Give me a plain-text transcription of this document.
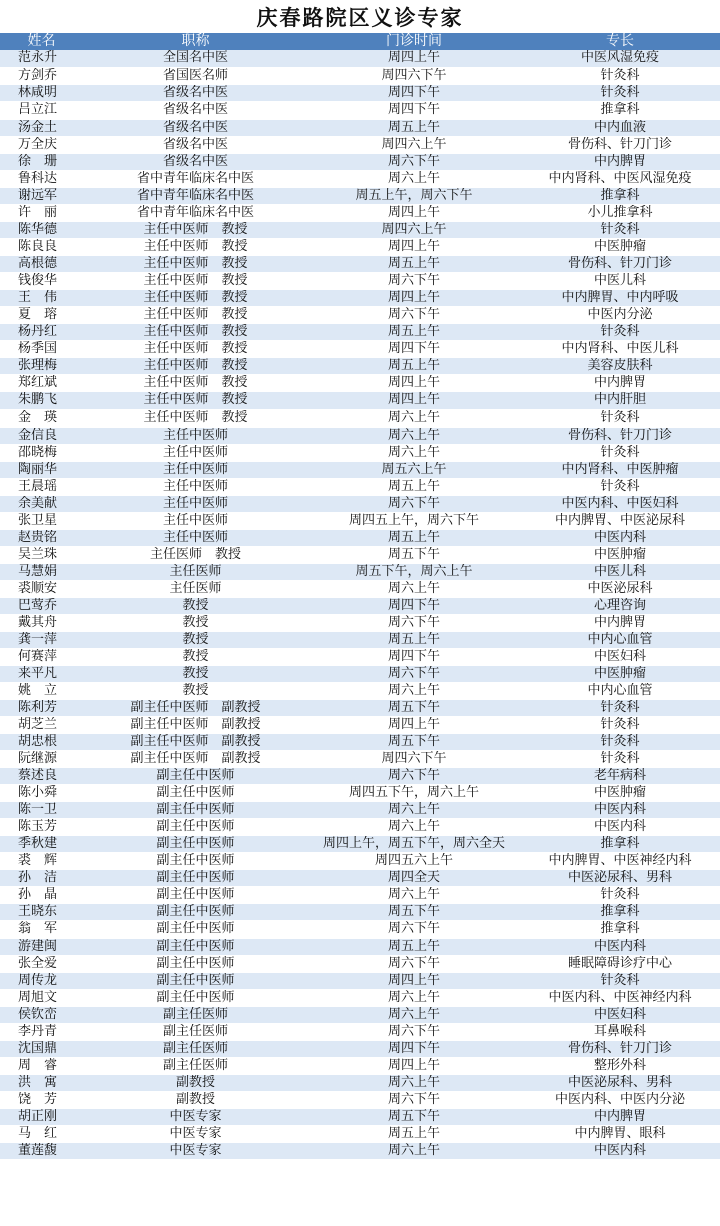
庆春路院区义诊专家
姓名	职称	门诊时间	专长
范永升	全国名中医	周四上午	中医风湿免疫
方剑乔	省国医名师	周四六下午	针灸科
林咸明	省级名中医	周四下午	针灸科
吕立江	省级名中医	周四下午	推拿科
汤金土	省级名中医	周五上午	中内血液
万全庆	省级名中医	周四六上午	骨伤科、针刀门诊
徐　珊	省级名中医	周六下午	中内脾胃
鲁科达	省中青年临床名中医	周六上午	中内肾科、中医风湿免疫
谢远军	省中青年临床名中医	周五上午，周六下午	推拿科
许　丽	省中青年临床名中医	周四上午	小儿推拿科
陈华德	主任中医师　教授	周四六上午	针灸科
陈良良	主任中医师　教授	周四上午	中医肿瘤
高根德	主任中医师　教授	周五上午	骨伤科、针刀门诊
钱俊华	主任中医师　教授	周六下午	中医儿科
王　伟	主任中医师　教授	周四上午	中内脾胃、中内呼吸
夏　瑢	主任中医师　教授	周六下午	中医内分泌
杨丹红	主任中医师　教授	周五上午	针灸科
杨季国	主任中医师　教授	周四下午	中内肾科、中医儿科
张理梅	主任中医师　教授	周五上午	美容皮肤科
郑红斌	主任中医师　教授	周四上午	中内脾胃
朱鹏飞	主任中医师　教授	周四上午	中内肝胆
金　瑛	主任中医师　教授	周六上午	针灸科
金信良	主任中医师	周六上午	骨伤科、针刀门诊
邵晓梅	主任中医师	周六上午	针灸科
陶丽华	主任中医师	周五六上午	中内肾科、中医肿瘤
王晨瑶	主任中医师	周五上午	针灸科
余美献	主任中医师	周六下午	中医内科、中医妇科
张卫星	主任中医师	周四五上午，周六下午	中内脾胃、中医泌尿科
赵贵铭	主任中医师	周五上午	中医内科
吴兰珠	主任医师　教授	周五下午	中医肿瘤
马慧娟	主任医师	周五下午，周六上午	中医儿科
裘顺安	主任医师	周六上午	中医泌尿科
巴莺乔	教授	周四下午	心理咨询
戴其舟	教授	周六下午	中内脾胃
龚一萍	教授	周五上午	中内心血管
何赛萍	教授	周四下午	中医妇科
来平凡	教授	周六下午	中医肿瘤
姚　立	教授	周六上午	中内心血管
陈利芳	副主任中医师　副教授	周五下午	针灸科
胡芝兰	副主任中医师　副教授	周四上午	针灸科
胡忠根	副主任中医师　副教授	周五下午	针灸科
阮继源	副主任中医师　副教授	周四六下午	针灸科
蔡述良	副主任中医师	周六下午	老年病科
陈小舜	副主任中医师	周四五下午，周六上午	中医肿瘤
陈一卫	副主任中医师	周六上午	中医内科
陈玉芳	副主任中医师	周六上午	中医内科
季秋建	副主任中医师	周四上午，周五下午，周六全天	推拿科
裘　辉	副主任中医师	周四五六上午	中内脾胃、中医神经内科
孙　洁	副主任中医师	周四全天	中医泌尿科、男科
孙　晶	副主任中医师	周六上午	针灸科
王晓东	副主任中医师	周五下午	推拿科
翁　军	副主任中医师	周六下午	推拿科
游建闽	副主任中医师	周五上午	中医内科
张全爱	副主任中医师	周六下午	睡眠障碍诊疗中心
周传龙	副主任中医师	周四上午	针灸科
周旭文	副主任中医师	周六上午	中医内科、中医神经内科
侯钦峦	副主任医师	周六上午	中医妇科
李丹青	副主任医师	周六下午	耳鼻喉科
沈国鼎	副主任医师	周四下午	骨伤科、针刀门诊
周　睿	副主任医师	周四上午	整形外科
洪　寓	副教授	周六上午	中医泌尿科、男科
饶　芳	副教授	周六下午	中医内科、中医内分泌
胡正刚	中医专家	周五下午	中内脾胃
马　红	中医专家	周五上午	中内脾胃、眼科
董莲馥	中医专家	周六上午	中医内科
